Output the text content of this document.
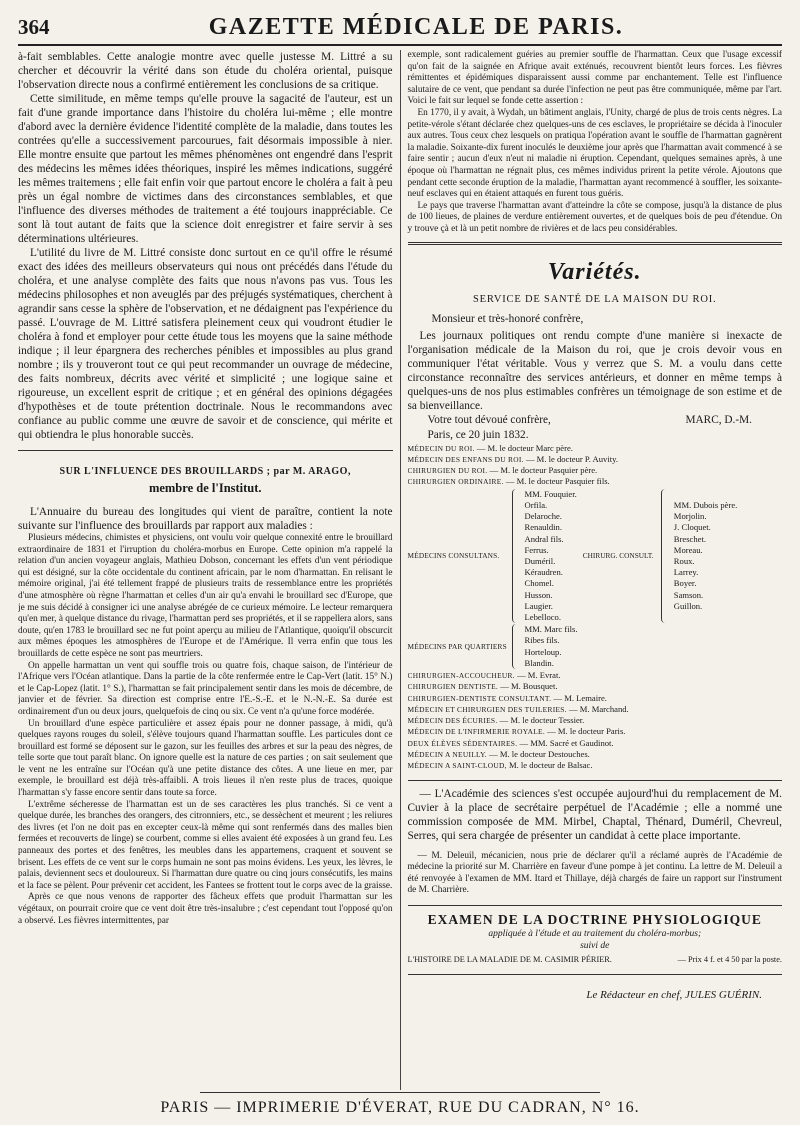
364	GAZETTE MÉDICALE DE PARIS.

à-fait semblables. Cette analogie montre avec quelle justesse M. Littré a su chercher et découvrir la vérité dans son étude du choléra oriental, puisque l'observation directe nous a confirmé entièrement les conclusions de sa critique.

Cette similitude, en même temps qu'elle prouve la sagacité de l'auteur, est un fait d'une grande importance dans l'histoire du choléra lui-même ; elle montre d'abord avec la dernière évidence l'identité complète de la maladie, dans toutes les contrées qu'elle a successivement parcourues, fait désormais impossible à nier. Elle montre ensuite que partout les mêmes phénomènes ont engendré dans l'esprit des médecins les mêmes idées théoriques, inspiré les mêmes indications, suggéré les mêmes traitemens ; elle fait enfin voir que partout encore le choléra a fait à peu près un égal nombre de victimes dans des circonstances semblables, et que l'influence des diverses méthodes de traitement a été toujours inappréciable. Ce sont là tout autant de faits que la science doit enregistrer et faire servir à ses déterminations ultérieures.

L'utilité du livre de M. Littré consiste donc surtout en ce qu'il offre le résumé exact des idées des meilleurs observateurs qui nous ont précédés dans l'étude du choléra, et une analyse complète des faits que nous n'avons pas vus. Tous les médecins philosophes et non aveuglés par des préjugés systématiques, cherchent à agrandir sans cesse la sphère de l'observation, et ne dédaignent pas l'expérience du passé. L'ouvrage de M. Littré satisfera pleinement ceux qui voudront étudier le choléra à fond et employer pour cette étude tous les moyens que la saine méthode indique ; il leur épargnera des recherches pénibles et impossibles au plus grand nombre ; ils y trouveront tout ce qui peut recommander un ouvrage de médecine, des faits nombreux, décrits avec vérité et simplicité ; une logique saine et rigoureuse, un excellent esprit de critique ; et en général des opinions dégagées d'hypothèses et de toute prétention doctrinale. Nous le recommandons avec confiance au public comme une œuvre de savoir et de conscience, qui mérite et qui obtiendra le plus honorable succès.

SUR L'INFLUENCE DES BROUILLARDS ; par M. ARAGO,
membre de l'Institut.

L'Annuaire du bureau des longitudes qui vient de paraître, contient la note suivante sur l'influence des brouillards par rapport aux maladies :

Plusieurs médecins, chimistes et physiciens, ont voulu voir quelque connexité entre le brouillard extraordinaire de 1831 et l'irruption du choléra-morbus en Europe. Cette opinion m'a rappelé la relation d'un ancien voyageur anglais, Mathieu Dobson, concernant les effets d'un vent périodique qui est désigné, sur la côte occidentale du continent africain, par le nom d'harmattan. En relisant le mémoire original, j'ai été tellement frappé de plusieurs traits de ressemblance entre les propriétés d'une atmosphère où règne l'harmattan et celles d'un air qu'a envahi le brouillard sec d'Europe, que je me suis décidé à consigner ici une analyse abrégée de ce curieux mémoire. Le lecteur remarquera qu'en mer, à quelque distance du rivage, l'harmattan perd ses propriétés, et il se rappellera alors, sans doute, qu'en 1783 le brouillard sec ne fut point aperçu au milieu de l'Atlantique, quoiqu'il obscurcit aux mêmes époques les atmosphères de l'Europe et de l'Amérique. Il verra enfin que tous les brouillards de cette espèce ne sont pas meurtriers.

On appelle harmattan un vent qui souffle trois ou quatre fois, chaque saison, de l'intérieur de l'Afrique vers l'Océan atlantique. Dans la partie de la côte renfermée entre le Cap-Vert (latit. 15° N.) et le Cap-Lopez (latit. 1° S.), l'harmattan se fait principalement sentir dans les mois de décembre, de janvier et de février. Sa direction est comprise entre l'E.-S.-E. et le N.-N.-E. Sa durée est ordinairement d'un ou deux jours, quelquefois de cinq ou six. Ce vent n'a qu'une force modérée.

Un brouillard d'une espèce particulière et assez épais pour ne donner passage, à midi, qu'à quelques rayons rouges du soleil, s'élève toujours quand l'harmattan souffle. Les particules dont ce brouillard est formé se déposent sur le gazon, sur les feuilles des arbres et sur la peau des nègres, de telle sorte que tout paraît blanc. On ignore quelle est la nature de ces parties ; on sait seulement que le vent ne les entraîne sur l'Océan qu'à une petite distance des côtes. A une lieue en mer, par exemple, le brouillard est déjà très-affaibli. A trois lieues il n'en reste plus de traces, quoique l'harmattan s'y fasse encore sentir dans toute sa force.

L'extrême sécheresse de l'harmattan est un de ses caractères les plus tranchés. Si ce vent a quelque durée, les branches des orangers, des citronniers, etc., se dessèchent et meurent ; les reliures des livres (et l'on ne doit pas en excepter ceux-là même qui sont renfermés dans des malles bien fermées et recouverts de linge) se courbent, comme si elles avaient été exposées à un grand feu. Les panneaux des portes et des fenêtres, les meubles dans les appartemens, craquent et souvent se brisent. Les effets de ce vent sur le corps humain ne sont pas moins évidens. Les yeux, les lèvres, le palais, deviennent secs et douloureux. Si l'harmattan dure quatre ou cinq jours consécutifs, les mains et la face se pèlent. Pour prévenir cet accident, les Fantees se frottent tout le corps avec de la graisse.

Après ce que nous venons de rapporter des fâcheux effets que produit l'harmattan sur les végétaux, on pourrait croire que ce vent doit être très-insalubre ; c'est cependant tout l'opposé qu'on a observé. Les fièvres intermittentes, par

exemple, sont radicalement guéries au premier souffle de l'harmattan. Ceux que l'usage excessif qu'on fait de la saignée en Afrique avait exténués, recouvrent bientôt leurs forces. Les fièvres rémittentes et épidémiques disparaissent aussi comme par enchantement. Telle est l'influence salutaire de ce vent, que pendant sa durée l'infection ne peut pas être communiquée, même par l'art. Voici le fait sur lequel se fonde cette assertion :

En 1770, il y avait, à Wydah, un bâtiment anglais, l'Unity, chargé de plus de trois cents nègres. La petite-vérole s'étant déclarée chez quelques-uns de ces esclaves, le propriétaire se décida à l'inoculer aux autres. Tous ceux chez lesquels on pratiqua l'opération avant le souffle de l'harmattan gagnèrent la maladie. Soixante-dix furent inoculés le deuxième jour après que l'harmattan avait commencé à se faire sentir ; aucun d'eux n'eut ni maladie ni éruption. Cependant, quelques semaines après, à une époque où l'harmattan ne régnait plus, ces mêmes individus prirent la petite vérole. Ajoutons que pendant cette seconde éruption de la maladie, l'harmattan ayant recommencé à souffler, les soixante-neuf esclaves qui en étaient attaqués en furent tous guéris.

Le pays que traverse l'harmattan avant d'atteindre la côte se compose, jusqu'à la distance de plus de 100 lieues, de plaines de verdure entièrement ouvertes, et de quelques bois de peu d'étendue. On y trouve çà et là un petit nombre de rivières et de lacs peu considérables.

Variétés.
SERVICE DE SANTÉ DE LA MAISON DU ROI.

Monsieur et très-honoré confrère,

Les journaux politiques ont rendu compte d'une manière si inexacte de l'organisation médicale de la Maison du roi, que je crois devoir vous en communiquer l'état véritable. Vous y verrez que S. M. a voulu dans cette circonstance reconnaître des services antérieurs, et donner en même temps à quelques-uns de nos plus estimables confrères un témoignage de son estime et de sa bienveillance.

Votre tout dévoué confrère,	MARC, D.-M.
Paris, ce 20 juin 1832.
MÉDECIN DU ROI. — M. le docteur Marc père.
MÉDECIN DES ENFANS DU ROI. — M. le docteur P. Auvity.
CHIRURGIEN DU ROI. — M. le docteur Pasquier père.
CHIRURGIEN ORDINAIRE. — M. le docteur Pasquier fils.
MÉDECINS CONSULTANS.
MM. Fouquier.
Orfila.
Delaroche.
Renauldin.
Andral fils.
Ferrus.
Duméril.
Kéraudren.
Chomel.
Husson.
Laugier.
Lebelloco.
CHIRURG. CONSULT.
MM. Dubois père.
Morjolin.
J. Cloquet.
Breschet.
Moreau.
Roux.
Larrey.
Boyer.
Samson.
Guillon.
MÉDECINS PAR QUARTIERS
MM. Marc fils.
Ribes fils.
Horteloup.
Blandin.
CHIRURGIEN-ACCOUCHEUR. — M. Evrat.
CHIRURGIEN DENTISTE. — M. Bousquet.
CHIRURGIEN-DENTISTE CONSULTANT. — M. Lemaire.
MÉDECIN ET CHIRURGIEN DES TUILERIES. — M. Marchand.
MÉDECIN DES ÉCURIES. — M. le docteur Tessier.
MÉDECIN DE L'INFIRMERIE ROYALE. — M. le docteur Paris.
DEUX ÉLÈVES SÉDENTAIRES. — MM. Sacré et Gaudinot.
MÉDECIN A NEUILLY. — M. le docteur Destouches.
MÉDECIN A SAINT-CLOUD, M. le docteur de Balsac.

— L'Académie des sciences s'est occupée aujourd'hui du remplacement de M. Cuvier à la place de secrétaire perpétuel de l'Académie ; elle a nommé une commission composée de MM. Mirbel, Chaptal, Thénard, Duméril, Chevreul, Serres, qui sera chargée de présenter un candidat à cette place importante.

— M. Deleuil, mécanicien, nous prie de déclarer qu'il a réclamé auprès de l'Académie de médecine la priorité sur M. Charrière en faveur d'une pompe à jet continu. La lettre de M. Deleuil a été renvoyée à l'examen de MM. Itard et Thillaye, déjà chargés de faire un rapport sur l'instrument de M. Charrière.

EXAMEN DE LA DOCTRINE PHYSIOLOGIQUE
appliquée à l'étude et au traitement du choléra-morbus;
suivi de
L'HISTOIRE DE LA MALADIE DE M. CASIMIR PÉRIER.	— Prix 4 f. et 4 50 par la poste.
Le Rédacteur en chef, JULES GUÉRIN.
PARIS — IMPRIMERIE D'ÉVERAT, RUE DU CADRAN, N° 16.
